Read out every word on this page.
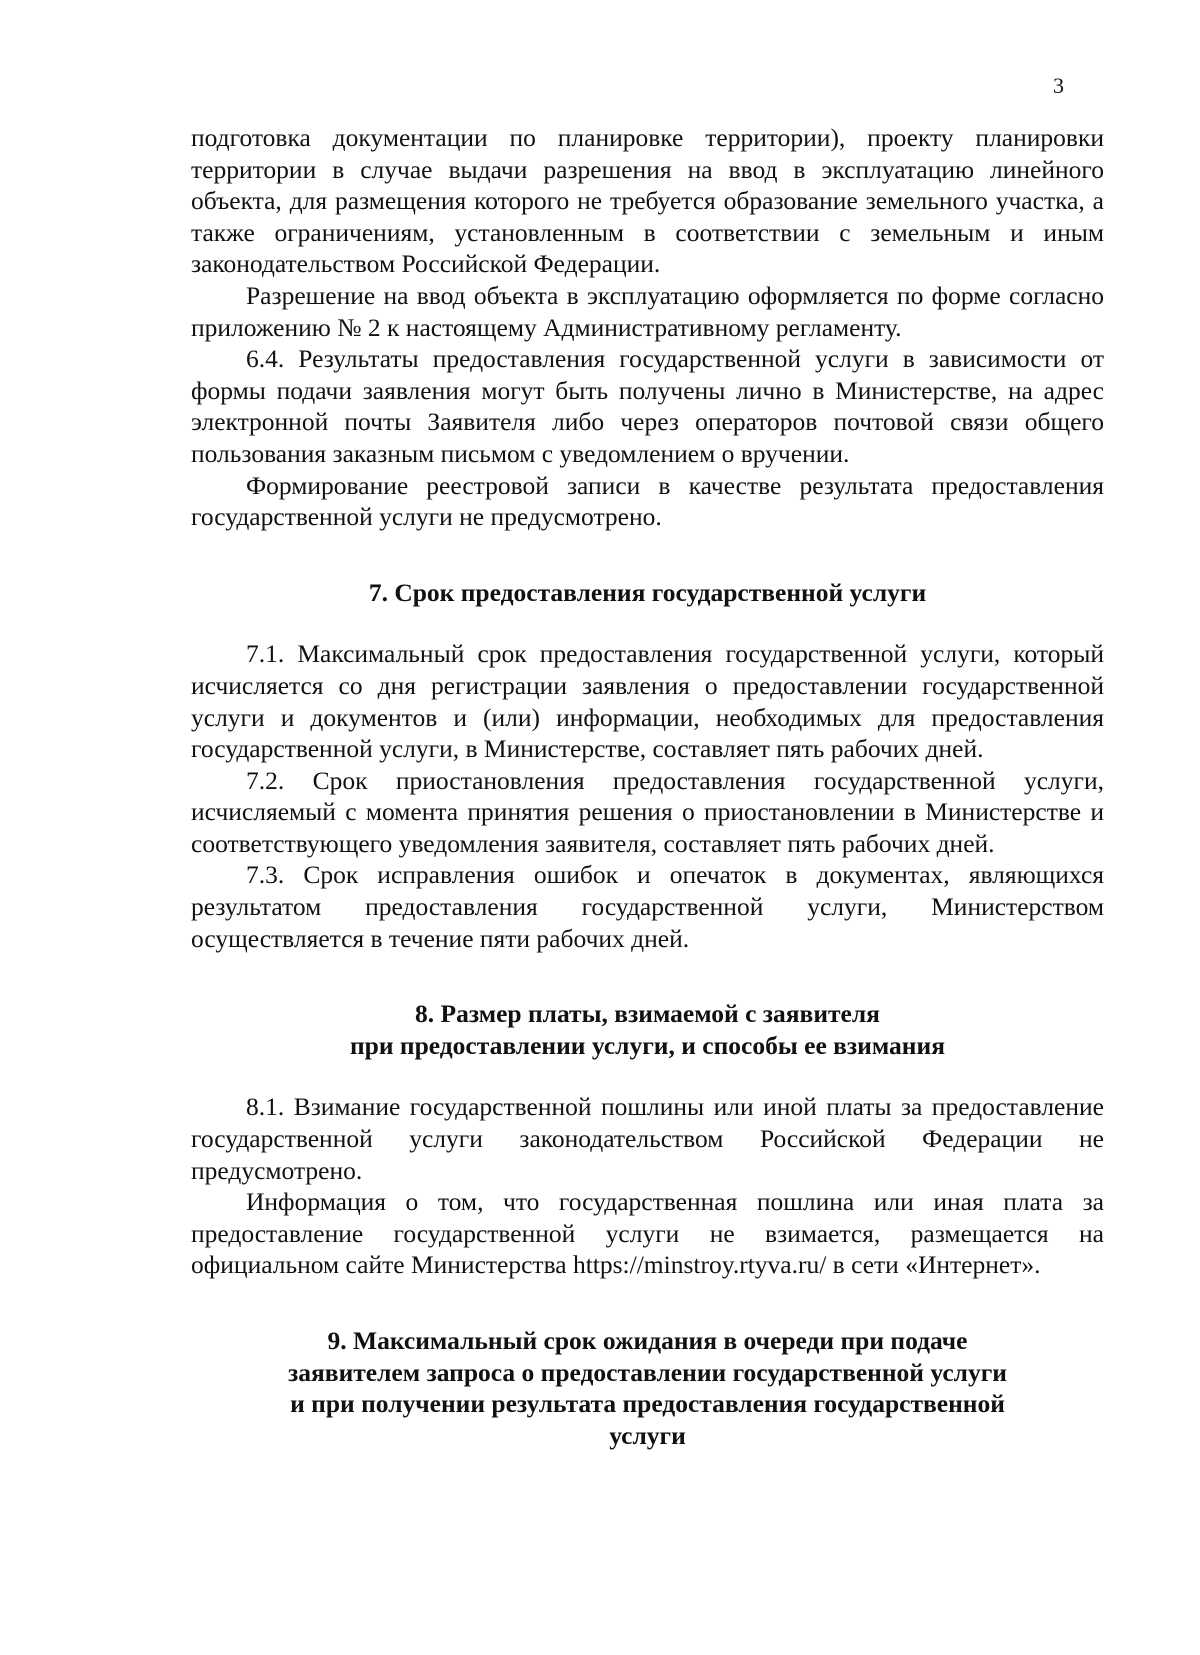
3

подготовка документации по планировке территории), проекту планировки территории в случае выдачи разрешения на ввод в эксплуатацию линейного объекта, для размещения которого не требуется образование земельного участка, а также ограничениям, установленным в соответствии с земельным и иным законодательством Российской Федерации.

Разрешение на ввод объекта в эксплуатацию оформляется по форме согласно приложению № 2 к настоящему Административному регламенту.

6.4. Результаты предоставления государственной услуги в зависимости от формы подачи заявления могут быть получены лично в Министерстве, на адрес электронной почты Заявителя либо через операторов почтовой связи общего пользования заказным письмом с уведомлением о вручении.

Формирование реестровой записи в качестве результата предоставления государственной услуги не предусмотрено.

7. Срок предоставления государственной услуги

7.1. Максимальный срок предоставления государственной услуги, который исчисляется со дня регистрации заявления о предоставлении государственной услуги и документов и (или) информации, необходимых для предоставления государственной услуги, в Министерстве, составляет пять рабочих дней.

7.2. Срок приостановления предоставления государственной услуги, исчисляемый с момента принятия решения о приостановлении в Министерстве и соответствующего уведомления заявителя, составляет пять рабочих дней.

7.3. Срок исправления ошибок и опечаток в документах, являющихся результатом предоставления государственной услуги, Министерством осуществляется в течение пяти рабочих дней.

8. Размер платы, взимаемой с заявителя

при предоставлении услуги, и способы ее взимания

8.1. Взимание государственной пошлины или иной платы за предоставление государственной услуги законодательством Российской Федерации не предусмотрено.

Информация о том, что государственная пошлина или иная плата за предоставление государственной услуги не взимается, размещается на официальном сайте Министерства https://minstroy.rtyva.ru/ в сети «Интернет».

9. Максимальный срок ожидания в очереди при подаче

заявителем запроса о предоставлении государственной услуги

и при получении результата предоставления государственной

услуги
